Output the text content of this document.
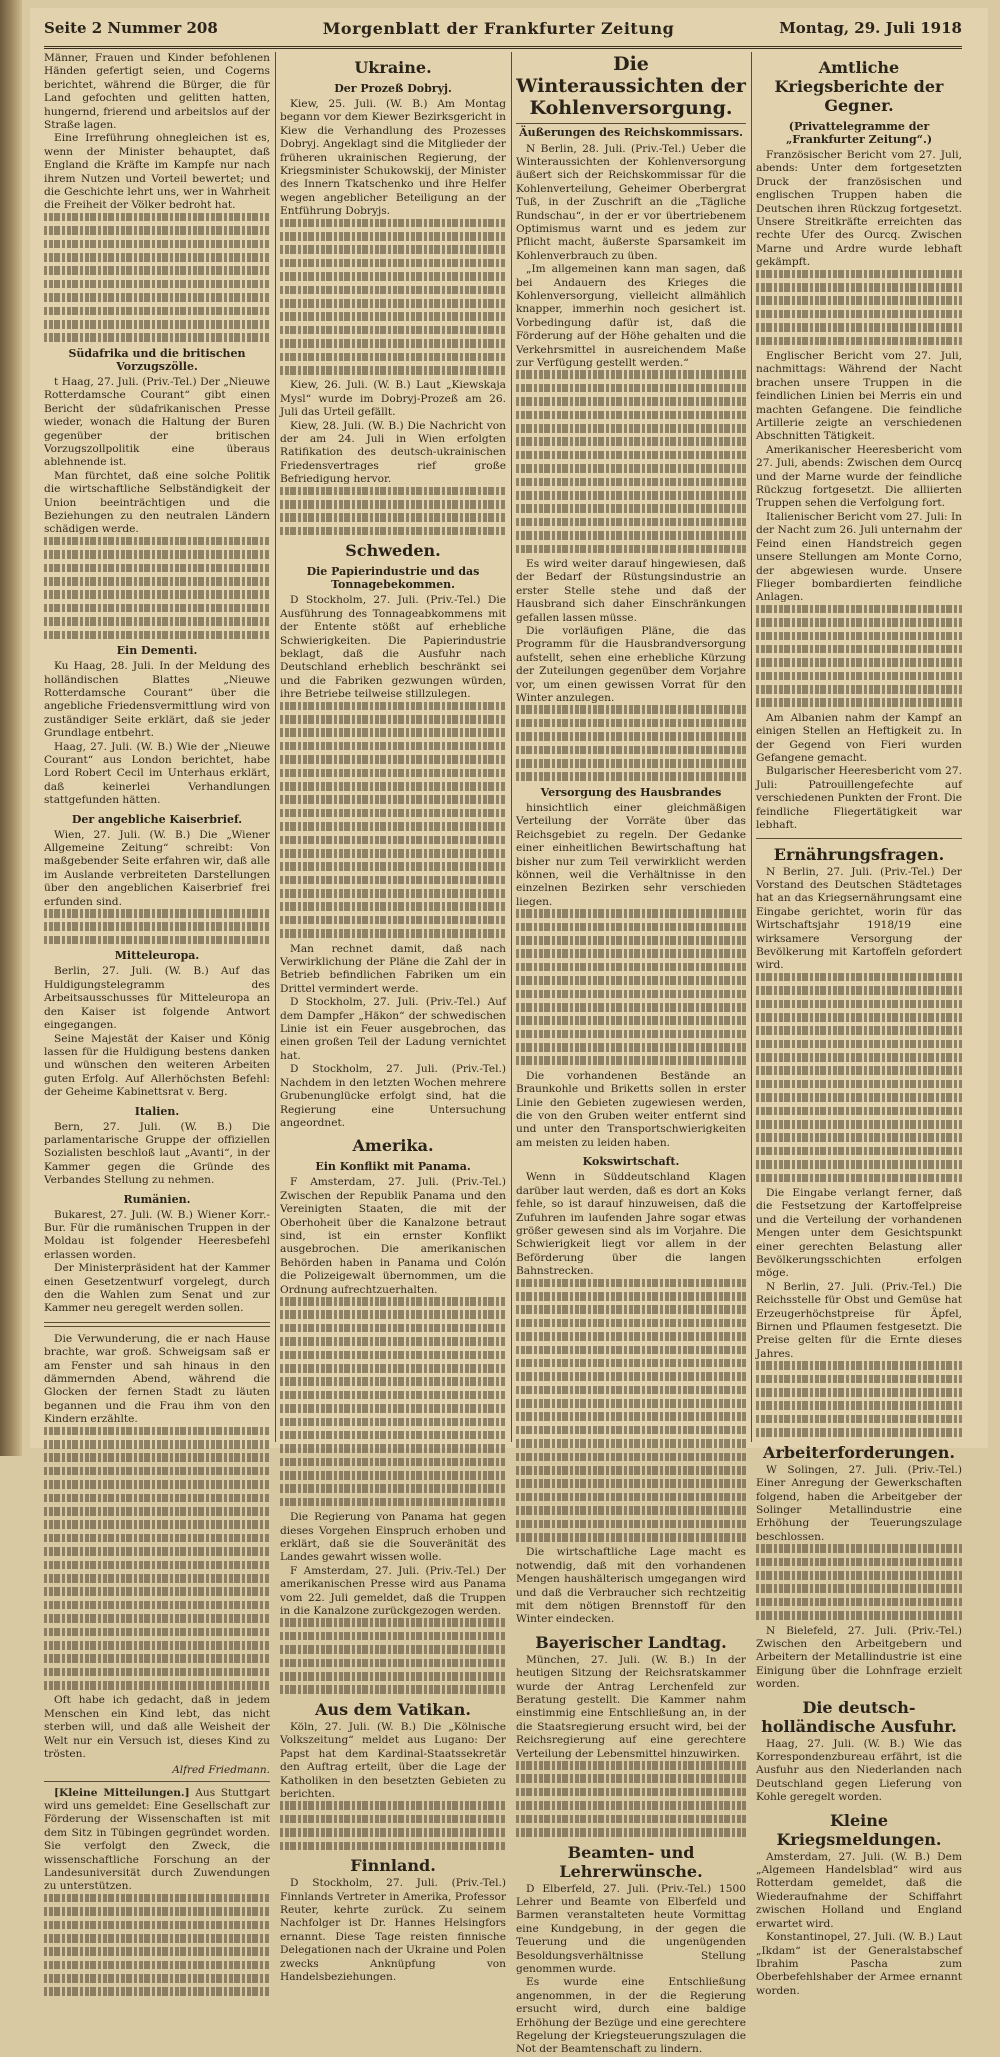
Seite 2 Nummer 208	Morgenblatt der Frankfurter Zeitung	Montag, 29. Juli 1918

Männer, Frauen und Kinder befohlenen Händen gefertigt seien, und Cogerns berichtet, während die Bürger, die für Land gefochten und gelitten hatten, hungernd, frierend und arbeitslos auf der Straße lagen.

Eine Irreführung ohnegleichen ist es, wenn der Minister behauptet, daß England die Kräfte im Kampfe nur nach ihrem Nutzen und Vorteil bewertet; und die Geschichte lehrt uns, wer in Wahrheit die Freiheit der Völker bedroht hat.

Südafrika und die britischen Vorzugszölle.

t Haag, 27. Juli. (Priv.-Tel.) Der „Nieuwe Rotterdamsche Courant“ gibt einen Bericht der südafrikanischen Presse wieder, wonach die Haltung der Buren gegenüber der britischen Vorzugszollpolitik eine überaus ablehnende ist.

Man fürchtet, daß eine solche Politik die wirtschaftliche Selbständigkeit der Union beeinträchtigen und die Beziehungen zu den neutralen Ländern schädigen werde.

Ein Dementi.

Ku Haag, 28. Juli. In der Meldung des holländischen Blattes „Nieuwe Rotterdamsche Courant“ über die angebliche Friedensvermittlung wird von zuständiger Seite erklärt, daß sie jeder Grundlage entbehrt.

Haag, 27. Juli. (W. B.) Wie der „Nieuwe Courant“ aus London berichtet, habe Lord Robert Cecil im Unterhaus erklärt, daß keinerlei Verhandlungen stattgefunden hätten.

Der angebliche Kaiserbrief.

Wien, 27. Juli. (W. B.) Die „Wiener Allgemeine Zeitung“ schreibt: Von maßgebender Seite erfahren wir, daß alle im Auslande verbreiteten Darstellungen über den angeblichen Kaiserbrief frei erfunden sind.

Mitteleuropa.

Berlin, 27. Juli. (W. B.) Auf das Huldigungstelegramm des Arbeitsausschusses für Mitteleuropa an den Kaiser ist folgende Antwort eingegangen.

Seine Majestät der Kaiser und König lassen für die Huldigung bestens danken und wünschen den weiteren Arbeiten guten Erfolg. Auf Allerhöchsten Befehl: der Geheime Kabinettsrat v. Berg.

Italien.

Bern, 27. Juli. (W. B.) Die parlamentarische Gruppe der offiziellen Sozialisten beschloß laut „Avanti“, in der Kammer gegen die Gründe des Verbandes Stellung zu nehmen.

Rumänien.

Bukarest, 27. Juli. (W. B.) Wiener Korr.-Bur. Für die rumänischen Truppen in der Moldau ist folgender Heeresbefehl erlassen worden.

Der Ministerpräsident hat der Kammer einen Gesetzentwurf vorgelegt, durch den die Wahlen zum Senat und zur Kammer neu geregelt werden sollen.

Die Verwunderung, die er nach Hause brachte, war groß. Schweigsam saß er am Fenster und sah hinaus in den dämmernden Abend, während die Glocken der fernen Stadt zu läuten begannen und die Frau ihm von den Kindern erzählte.

Oft habe ich gedacht, daß in jedem Menschen ein Kind lebt, das nicht sterben will, und daß alle Weisheit der Welt nur ein Versuch ist, dieses Kind zu trösten.

Alfred Friedmann.

[Kleine Mitteilungen.] Aus Stuttgart wird uns gemeldet: Eine Gesellschaft zur Förderung der Wissenschaften ist mit dem Sitz in Tübingen gegründet worden. Sie verfolgt den Zweck, die wissenschaftliche Forschung an der Landesuniversität durch Zuwendungen zu unterstützen.

Ukraine.
Der Prozeß Dobryj.

Kiew, 25. Juli. (W. B.) Am Montag begann vor dem Kiewer Bezirksgericht in Kiew die Verhandlung des Prozesses Dobryj. Angeklagt sind die Mitglieder der früheren ukrainischen Regierung, der Kriegsminister Schukowskij, der Minister des Innern Tkatschenko und ihre Helfer wegen angeblicher Beteiligung an der Entführung Dobryjs.

Kiew, 26. Juli. (W. B.) Laut „Kiewskaja Mysl“ wurde im Dobryj-Prozeß am 26. Juli das Urteil gefällt.

Kiew, 28. Juli. (W. B.) Die Nachricht von der am 24. Juli in Wien erfolgten Ratifikation des deutsch-ukrainischen Friedensvertrages rief große Befriedigung hervor.

Schweden.
Die Papierindustrie und das Tonnagebekommen.

D Stockholm, 27. Juli. (Priv.-Tel.) Die Ausführung des Tonnageabkommens mit der Entente stößt auf erhebliche Schwierigkeiten. Die Papierindustrie beklagt, daß die Ausfuhr nach Deutschland erheblich beschränkt sei und die Fabriken gezwungen würden, ihre Betriebe teilweise stillzulegen.

Man rechnet damit, daß nach Verwirklichung der Pläne die Zahl der in Betrieb befindlichen Fabriken um ein Drittel vermindert werde.

D Stockholm, 27. Juli. (Priv.-Tel.) Auf dem Dampfer „Häkon“ der schwedischen Linie ist ein Feuer ausgebrochen, das einen großen Teil der Ladung vernichtet hat.

D Stockholm, 27. Juli. (Priv.-Tel.) Nachdem in den letzten Wochen mehrere Grubenunglücke erfolgt sind, hat die Regierung eine Untersuchung angeordnet.

Amerika.
Ein Konflikt mit Panama.

F Amsterdam, 27. Juli. (Priv.-Tel.) Zwischen der Republik Panama und den Vereinigten Staaten, die mit der Oberhoheit über die Kanalzone betraut sind, ist ein ernster Konflikt ausgebrochen. Die amerikanischen Behörden haben in Panama und Colón die Polizeigewalt übernommen, um die Ordnung aufrechtzuerhalten.

Die Regierung von Panama hat gegen dieses Vorgehen Einspruch erhoben und erklärt, daß sie die Souveränität des Landes gewahrt wissen wolle.

F Amsterdam, 27. Juli. (Priv.-Tel.) Der amerikanischen Presse wird aus Panama vom 22. Juli gemeldet, daß die Truppen in die Kanalzone zurückgezogen werden.

Aus dem Vatikan.

Köln, 27. Juli. (W. B.) Die „Kölnische Volkszeitung“ meldet aus Lugano: Der Papst hat dem Kardinal-Staatssekretär den Auftrag erteilt, über die Lage der Katholiken in den besetzten Gebieten zu berichten.

Finnland.

D Stockholm, 27. Juli. (Priv.-Tel.) Finnlands Vertreter in Amerika, Professor Reuter, kehrte zurück. Zu seinem Nachfolger ist Dr. Hannes Helsingfors ernannt. Diese Tage reisten finnische Delegationen nach der Ukraine und Polen zwecks Anknüpfung von Handelsbeziehungen.

Die Winteraussichten der Kohlenversorgung.
Äußerungen des Reichskommissars.

N Berlin, 28. Juli. (Priv.-Tel.) Ueber die Winteraussichten der Kohlenversorgung äußert sich der Reichskommissar für die Kohlenverteilung, Geheimer Oberbergrat Tuß, in der Zuschrift an die „Tägliche Rundschau“, in der er vor übertriebenem Optimismus warnt und es jedem zur Pflicht macht, äußerste Sparsamkeit im Kohlenverbrauch zu üben.

„Im allgemeinen kann man sagen, daß bei Andauern des Krieges die Kohlenversorgung, vielleicht allmählich knapper, immerhin noch gesichert ist. Vorbedingung dafür ist, daß die Förderung auf der Höhe gehalten und die Verkehrsmittel in ausreichendem Maße zur Verfügung gestellt werden.“

Es wird weiter darauf hingewiesen, daß der Bedarf der Rüstungsindustrie an erster Stelle stehe und daß der Hausbrand sich daher Einschränkungen gefallen lassen müsse.

Die vorläufigen Pläne, die das Programm für die Hausbrandversorgung aufstellt, sehen eine erhebliche Kürzung der Zuteilungen gegenüber dem Vorjahre vor, um einen gewissen Vorrat für den Winter anzulegen.

Versorgung des Hausbrandes

hinsichtlich einer gleichmäßigen Verteilung der Vorräte über das Reichsgebiet zu regeln. Der Gedanke einer einheitlichen Bewirtschaftung hat bisher nur zum Teil verwirklicht werden können, weil die Verhältnisse in den einzelnen Bezirken sehr verschieden liegen.

Die vorhandenen Bestände an Braunkohle und Briketts sollen in erster Linie den Gebieten zugewiesen werden, die von den Gruben weiter entfernt sind und unter den Transportschwierigkeiten am meisten zu leiden haben.

Kokswirtschaft.

Wenn in Süddeutschland Klagen darüber laut werden, daß es dort an Koks fehle, so ist darauf hinzuweisen, daß die Zufuhren im laufenden Jahre sogar etwas größer gewesen sind als im Vorjahre. Die Schwierigkeit liegt vor allem in der Beförderung über die langen Bahnstrecken.

Die wirtschaftliche Lage macht es notwendig, daß mit den vorhandenen Mengen haushälterisch umgegangen wird und daß die Verbraucher sich rechtzeitig mit dem nötigen Brennstoff für den Winter eindecken.

Bayerischer Landtag.

München, 27. Juli. (W. B.) In der heutigen Sitzung der Reichsratskammer wurde der Antrag Lerchenfeld zur Beratung gestellt. Die Kammer nahm einstimmig eine Entschließung an, in der die Staatsregierung ersucht wird, bei der Reichsregierung auf eine gerechtere Verteilung der Lebensmittel hinzuwirken.

Beamten- und Lehrerwünsche.

D Elberfeld, 27. Juli. (Priv.-Tel.) 1500 Lehrer und Beamte von Elberfeld und Barmen veranstalteten heute Vormittag eine Kundgebung, in der gegen die Teuerung und die ungenügenden Besoldungsverhältnisse Stellung genommen wurde.

Es wurde eine Entschließung angenommen, in der die Regierung ersucht wird, durch eine baldige Erhöhung der Bezüge und eine gerechtere Regelung der Kriegsteuerungszulagen die Not der Beamtenschaft zu lindern.

Amtliche Kriegsberichte der Gegner.
(Privattelegramme der „Frankfurter Zeitung“.)

Französischer Bericht vom 27. Juli, abends: Unter dem fortgesetzten Druck der französischen und englischen Truppen haben die Deutschen ihren Rückzug fortgesetzt. Unsere Streitkräfte erreichten das rechte Ufer des Ourcq. Zwischen Marne und Ardre wurde lebhaft gekämpft.

Englischer Bericht vom 27. Juli, nachmittags: Während der Nacht brachen unsere Truppen in die feindlichen Linien bei Merris ein und machten Gefangene. Die feindliche Artillerie zeigte an verschiedenen Abschnitten Tätigkeit.

Amerikanischer Heeresbericht vom 27. Juli, abends: Zwischen dem Ourcq und der Marne wurde der feindliche Rückzug fortgesetzt. Die alliierten Truppen sehen die Verfolgung fort.

Italienischer Bericht vom 27. Juli: In der Nacht zum 26. Juli unternahm der Feind einen Handstreich gegen unsere Stellungen am Monte Corno, der abgewiesen wurde. Unsere Flieger bombardierten feindliche Anlagen.

Am Albanien nahm der Kampf an einigen Stellen an Heftigkeit zu. In der Gegend von Fieri wurden Gefangene gemacht.

Bulgarischer Heeresbericht vom 27. Juli: Patrouillengefechte auf verschiedenen Punkten der Front. Die feindliche Fliegertätigkeit war lebhaft.

Ernährungsfragen.

N Berlin, 27. Juli. (Priv.-Tel.) Der Vorstand des Deutschen Städtetages hat an das Kriegsernährungsamt eine Eingabe gerichtet, worin für das Wirtschaftsjahr 1918/19 eine wirksamere Versorgung der Bevölkerung mit Kartoffeln gefordert wird.

Die Eingabe verlangt ferner, daß die Festsetzung der Kartoffelpreise und die Verteilung der vorhandenen Mengen unter dem Gesichtspunkt einer gerechten Belastung aller Bevölkerungsschichten erfolgen möge.

N Berlin, 27. Juli. (Priv.-Tel.) Die Reichsstelle für Obst und Gemüse hat Erzeugerhöchstpreise für Äpfel, Birnen und Pflaumen festgesetzt. Die Preise gelten für die Ernte dieses Jahres.

Arbeiterforderungen.

W Solingen, 27. Juli. (Priv.-Tel.) Einer Anregung der Gewerkschaften folgend, haben die Arbeitgeber der Solinger Metallindustrie eine Erhöhung der Teuerungszulage beschlossen.

N Bielefeld, 27. Juli. (Priv.-Tel.) Zwischen den Arbeitgebern und Arbeitern der Metallindustrie ist eine Einigung über die Lohnfrage erzielt worden.

Die deutsch-holländische Ausfuhr.

Haag, 27. Juli. (W. B.) Wie das Korrespondenzbureau erfährt, ist die Ausfuhr aus den Niederlanden nach Deutschland gegen Lieferung von Kohle geregelt worden.

Kleine Kriegsmeldungen.

Amsterdam, 27. Juli. (W. B.) Dem „Algemeen Handelsblad“ wird aus Rotterdam gemeldet, daß die Wiederaufnahme der Schiffahrt zwischen Holland und England erwartet wird.

Konstantinopel, 27. Juli. (W. B.) Laut „Ikdam“ ist der Generalstabschef Ibrahim Pascha zum Oberbefehlshaber der Armee ernannt worden.
